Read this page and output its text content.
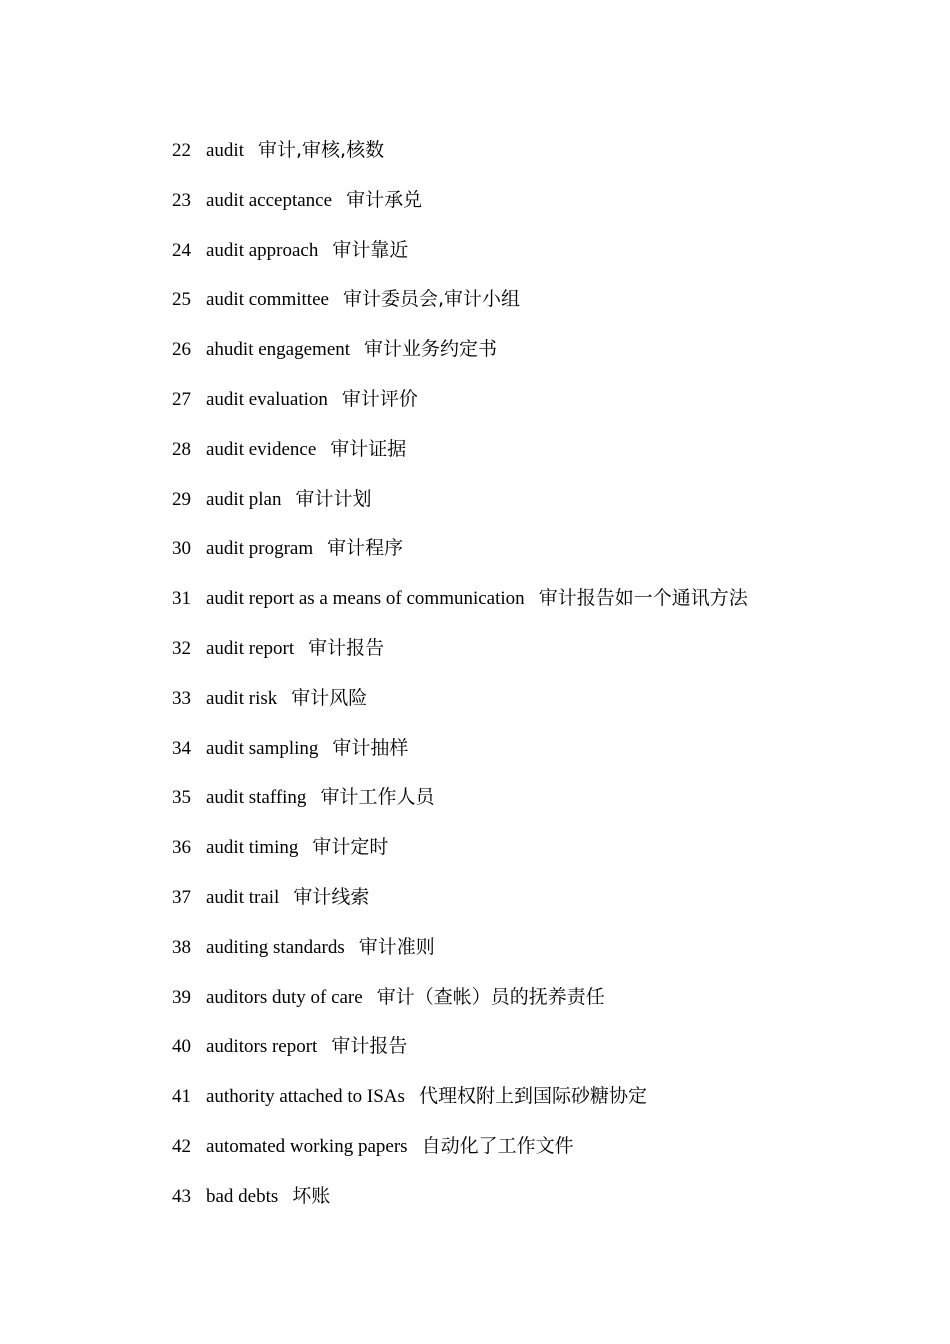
22 audit 审计,审核,核数
23 audit acceptance 审计承兑
24 audit approach 审计靠近
25 audit committee 审计委员会,审计小组
26 ahudit engagement 审计业务约定书
27 audit evaluation 审计评价
28 audit evidence 审计证据
29 audit plan 审计计划
30 audit program 审计程序
31 audit report as a means of communication 审计报告如一个通讯方法
32 audit report 审计报告
33 audit risk 审计风险
34 audit sampling 审计抽样
35 audit staffing 审计工作人员
36 audit timing 审计定时
37 audit trail 审计线索
38 auditing standards 审计准则
39 auditors duty of care 审计（查帐）员的抚养责任
40 auditors report 审计报告
41 authority attached to ISAs 代理权附上到国际砂糖协定
42 automated working papers 自动化了工作文件
43 bad debts 坏账
